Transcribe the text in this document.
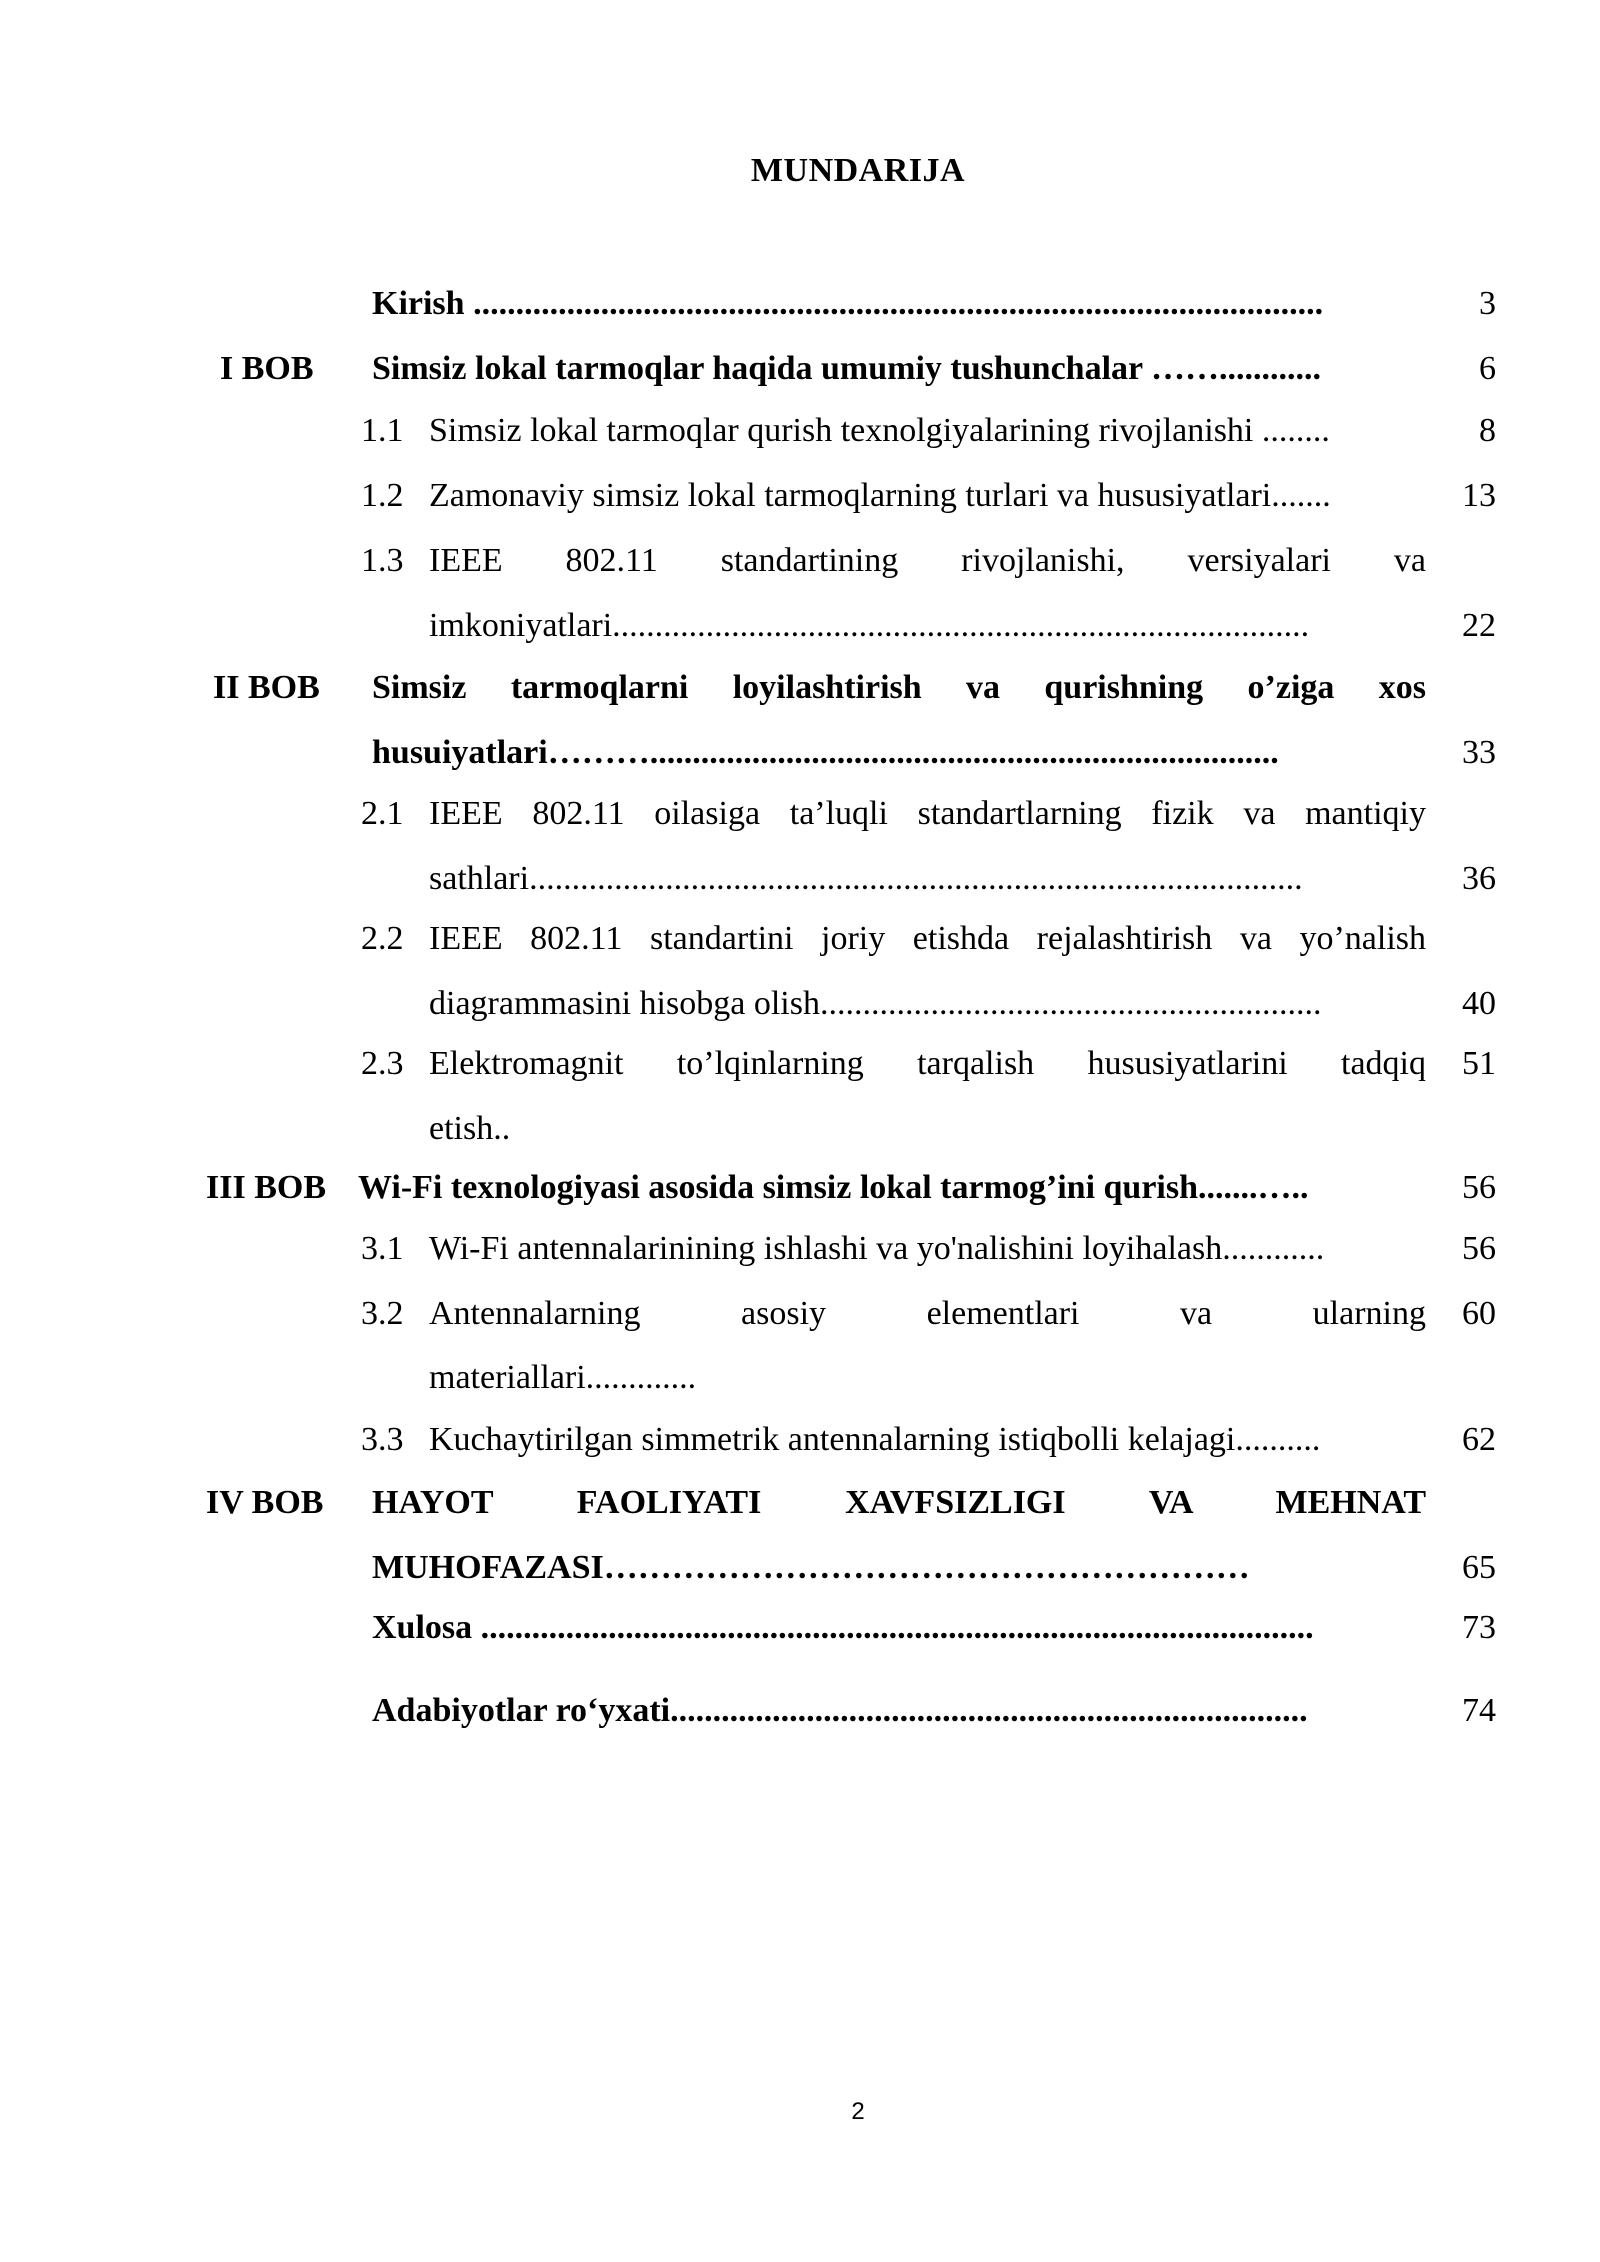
MUNDARIJA
Kirish ....................................................................................................	3
I BOB Simsiz lokal tarmoqlar haqida umumiy tushunchalar ……............	6
1.1 Simsiz lokal tarmoqlar qurish texnolgiyalarining rivojlanishi ........	8
1.2 Zamonaviy simsiz lokal tarmoqlarning turlari va hususiyatlari.......	13
1.3 IEEE 802.11 standartining rivojlanishi, versiyalari va
imkoniyatlari..................................................................................	22
II BOB Simsiz tarmoqlarni loyilashtirish va qurishning o’ziga xos
husuiyatlari………..........................................................................	33
2.1 IEEE 802.11 oilasiga ta’luqli standartlarning fizik va mantiqiy
sathlari...........................................................................................	36
2.2 IEEE 802.11 standartini joriy etishda rejalashtirish va yo’nalish
diagrammasini hisobga olish...........................................................	40
2.3 Elektromagnit to’lqinlarning tarqalish hususiyatlarini tadqiq 51
etish..
III BOB Wi-Fi texnologiyasi asosida simsiz lokal tarmog’ini qurish.......…..	56
3.1 Wi-Fi antennalarinining ishlashi va yo'nalishini loyihalash............	56
3.2 Antennalarning asosiy elementlari va ularning 60
materiallari.............
3.3 Kuchaytirilgan simmetrik antennalarning istiqbolli kelajagi..........	62
IV BOB HAYOT FAOLIYATI XAVFSIZLIGI VA MEHNAT
MUHOFAZASI…………………………………………………	65
Xulosa ..................................................................................................	73
Adabiyotlar ro‘yxati...........................................................................	74
2
